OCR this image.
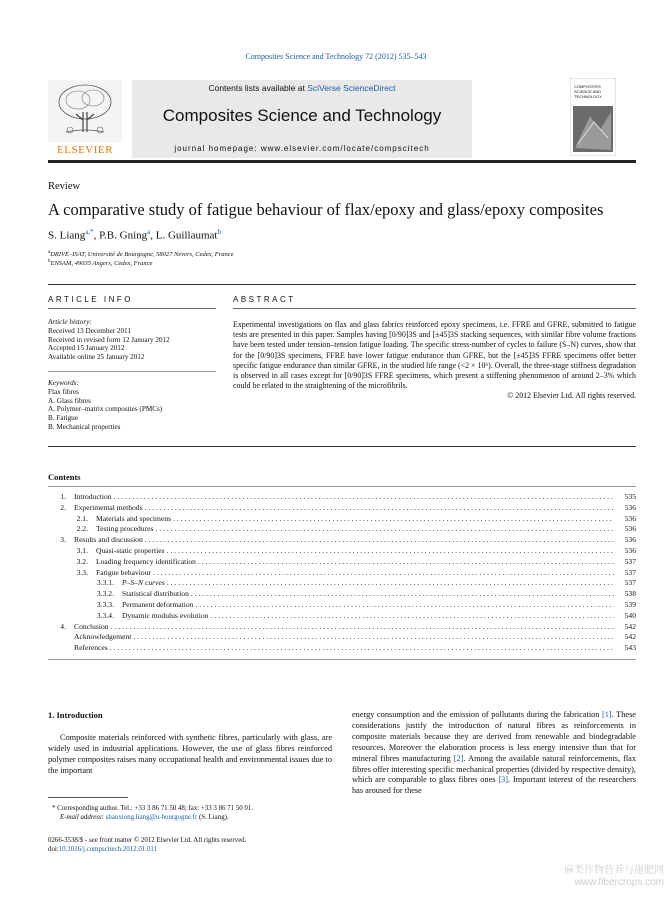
Composites Science and Technology 72 (2012) 535–543
ELSEVIER
Contents lists available at SciVerse ScienceDirect
Composites Science and Technology
journal homepage: www.elsevier.com/locate/compscitech
COMPOSITES SCIENCE AND TECHNOLOGY
Review
A comparative study of fatigue behaviour of flax/epoxy and glass/epoxy composites
S. Liang$^{a,*}$, P.B. Gning$^a$, L. Guillaumat$^b$
$^a$DRIVE–ISAT, Université de Bourgogne, 58027 Nevers, Cedex, France
$^b$ENSAM, 49035 Angers, Cedex, France
ARTICLE INFO
Article history:
Received 13 December 2011
Received in revised form 12 January 2012
Accepted 15 January 2012
Available online 25 January 2012
Keywords:
Flax fibres
A. Glass fibres
A. Polymer–matrix composites (PMCs)
B. Fatigue
B. Mechanical properties
ABSTRACT
Experimental investigations on flax and glass fabrics reinforced epoxy specimens, i.e. FFRE and GFRE, submitted to fatigue tests are presented in this paper. Samples having [0/90]3S and [±45]3S stacking sequences, with similar fibre volume fractions have been tested under tension–tension fatigue loading. The specific stress-number of cycles to failure (S–N) curves, show that for the [0/90]3S specimens, FFRE have lower fatigue endurance than GFRE, but the [±45]3S FFRE specimens offer better specific fatigue endurance than similar GFRE, in the studied life range (<2 × 10⁶). Overall, the three-stage stiffness degradation is observed in all cases except for [0/90]3S FFRE specimens, which present a stiffening phenomenon of around 2–3% which could be related to the straightening of the microfibrils.
© 2012 Elsevier Ltd. All rights reserved.
Contents
1.	Introduction . . .	535
2.	Experimental methods . . .	536
2.1.	Materials and specimens . . .	536
2.2.	Testing procedures . . .	536
3.	Results and discussion . . .	536
3.1.	Quasi-static properties . . .	536
3.2.	Loading frequency identification . . .	537
3.3.	Fatigue behaviour . . .	537
3.3.1.	P–S–N curves . . .	537
3.3.2.	Statistical distribution . . .	538
3.3.3.	Permanent deformation . . .	539
3.3.4.	Dynamic modulus evolution . . .	540
4.	Conclusion . . .	542
Acknowledgement . . .	542
References . . .	543
1. Introduction
Composite materials reinforced with synthetic fibres, particularly with glass, are widely used in industrial applications. However, the use of glass fibres reinforced polymer composites raises many occupational health and environmental issues due to the important
energy consumption and the emission of pollutants during the fabrication [1]. These considerations justify the introduction of natural fibres as reinforcements in composite materials because they are derived from renewable and biodegradable resources. Moreover the elaboration process is less energy intensive than that for mineral fibres manufacturing [2]. Among the available natural reinforcements, flax fibres offer interesting specific mechanical properties (divided by respective density), which are comparable to glass fibres ones [3]. Important interest of the researchers has aroused for these
* Corresponding author. Tel.: +33 3 86 71 50 48; fax: +33 3 86 71 50 01.
E-mail address: shaoxiong.liang@u-bourgogne.fr (S. Liang).
0266-3538/$ - see front matter © 2012 Elsevier Ltd. All rights reserved.
doi:10.1016/j.compscitech.2012.01.011
麻类作物营养与施肥网
www.fibercrops.com
